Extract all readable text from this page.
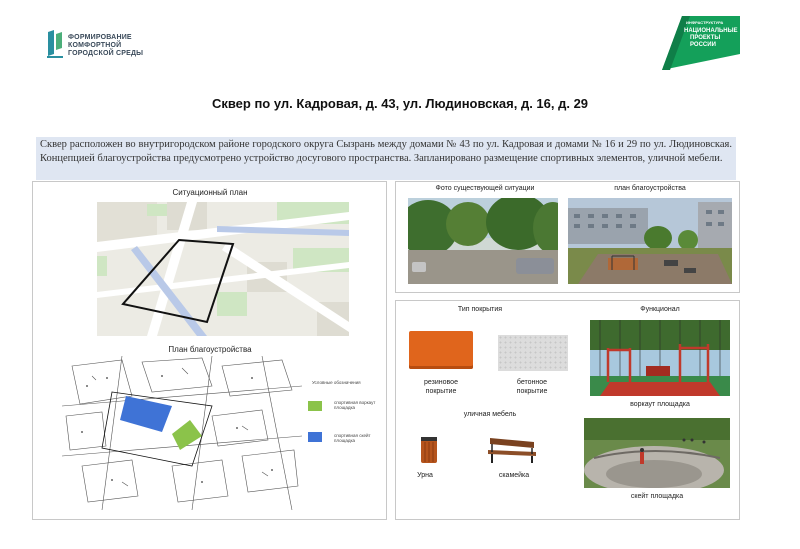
ФОРМИРОВАНИЕ
КОМФОРТНОЙ
ГОРОДСКОЙ СРЕДЫ
ИНФРАСТРУКТУРА
НАЦИОНАЛЬНЫЕ
ПРОЕКТЫ
РОССИИ
Сквер по ул. Кадровая, д. 43, ул. Людиновская, д. 16, д. 29
Сквер расположен во внутригородском районе городского округа Сызрань между домами № 43 по ул. Кадровая и домами № 16 и 29 по ул. Людиновская. Концепцией благоустройства предусмотрено устройство досугового пространства. Запланировано размещение спортивных элементов, уличной мебели.
Ситуационный план
План благоустройства
Условные обозначения
спортивная воркаут площадка
спортивная скейт площадка
Фото существующей ситуации	план благоустройства
Тип покрытия	Функционал
резиновое
покрытие
бетонное
покрытие
уличная мебель
Урна	скамейка
воркаут площадка
скейт площадка
